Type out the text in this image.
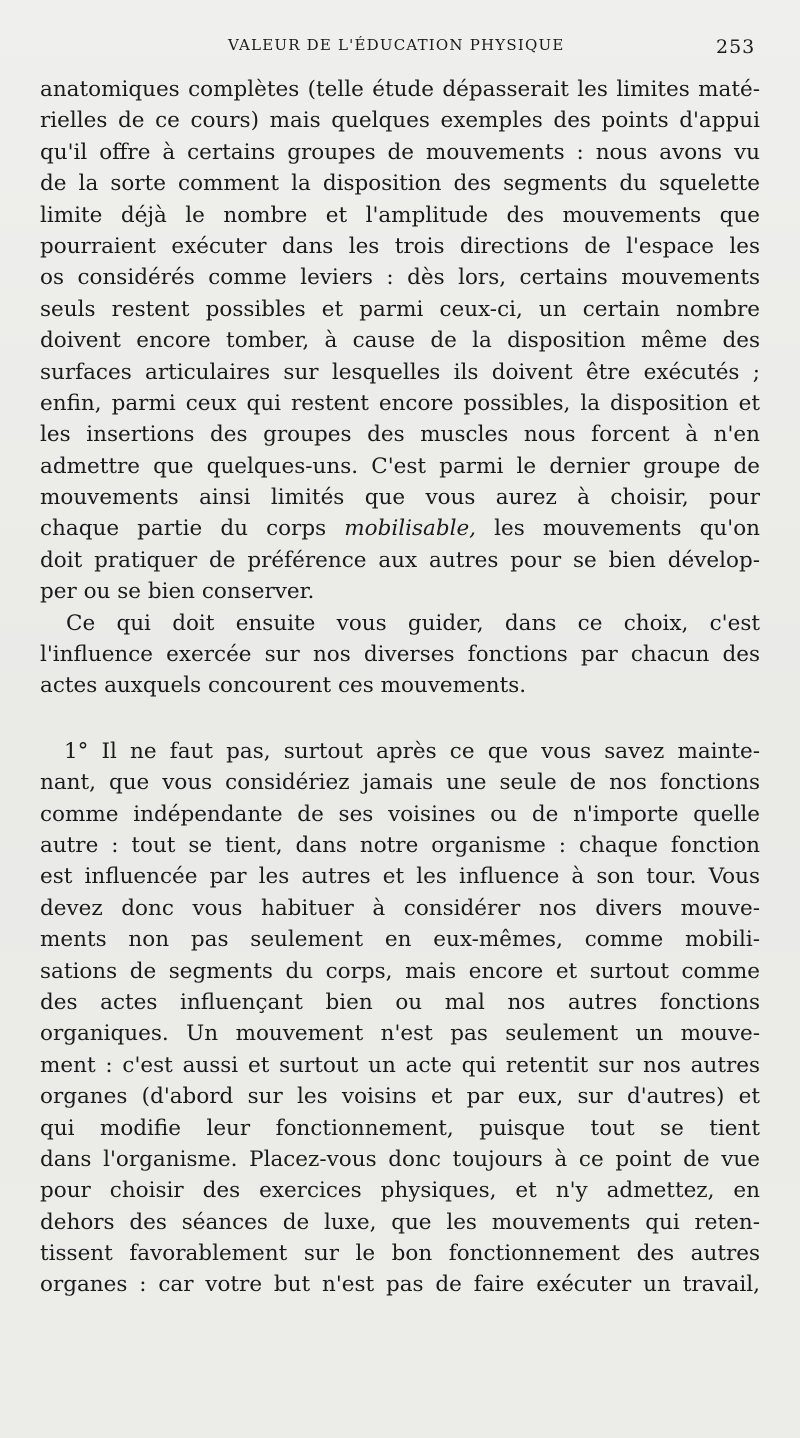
VALEUR DE L'ÉDUCATION PHYSIQUE	253
anatomiques complètes (telle étude dépasserait les limites maté-
rielles de ce cours) mais quelques exemples des points d'appui
qu'il offre à certains groupes de mouvements : nous avons vu
de la sorte comment la disposition des segments du squelette
limite déjà le nombre et l'amplitude des mouvements que
pourraient exécuter dans les trois directions de l'espace les
os considérés comme leviers : dès lors, certains mouvements
seuls restent possibles et parmi ceux-ci, un certain nombre
doivent encore tomber, à cause de la disposition même des
surfaces articulaires sur lesquelles ils doivent être exécutés ;
enfin, parmi ceux qui restent encore possibles, la disposition et
les insertions des groupes des muscles nous forcent à n'en
admettre que quelques-uns. C'est parmi le dernier groupe de
mouvements ainsi limités que vous aurez à choisir, pour
chaque partie du corps mobilisable, les mouvements qu'on
doit pratiquer de préférence aux autres pour se bien dévelop-
per ou se bien conserver.
Ce qui doit ensuite vous guider, dans ce choix, c'est
l'influence exercée sur nos diverses fonctions par chacun des
actes auxquels concourent ces mouvements.
1° Il ne faut pas, surtout après ce que vous savez mainte-
nant, que vous considériez jamais une seule de nos fonctions
comme indépendante de ses voisines ou de n'importe quelle
autre : tout se tient, dans notre organisme : chaque fonction
est influencée par les autres et les influence à son tour. Vous
devez donc vous habituer à considérer nos divers mouve-
ments non pas seulement en eux-mêmes, comme mobili-
sations de segments du corps, mais encore et surtout comme
des actes influençant bien ou mal nos autres fonctions
organiques. Un mouvement n'est pas seulement un mouve-
ment : c'est aussi et surtout un acte qui retentit sur nos autres
organes (d'abord sur les voisins et par eux, sur d'autres) et
qui modifie leur fonctionnement, puisque tout se tient
dans l'organisme. Placez-vous donc toujours à ce point de vue
pour choisir des exercices physiques, et n'y admettez, en
dehors des séances de luxe, que les mouvements qui reten-
tissent favorablement sur le bon fonctionnement des autres
organes : car votre but n'est pas de faire exécuter un travail,
